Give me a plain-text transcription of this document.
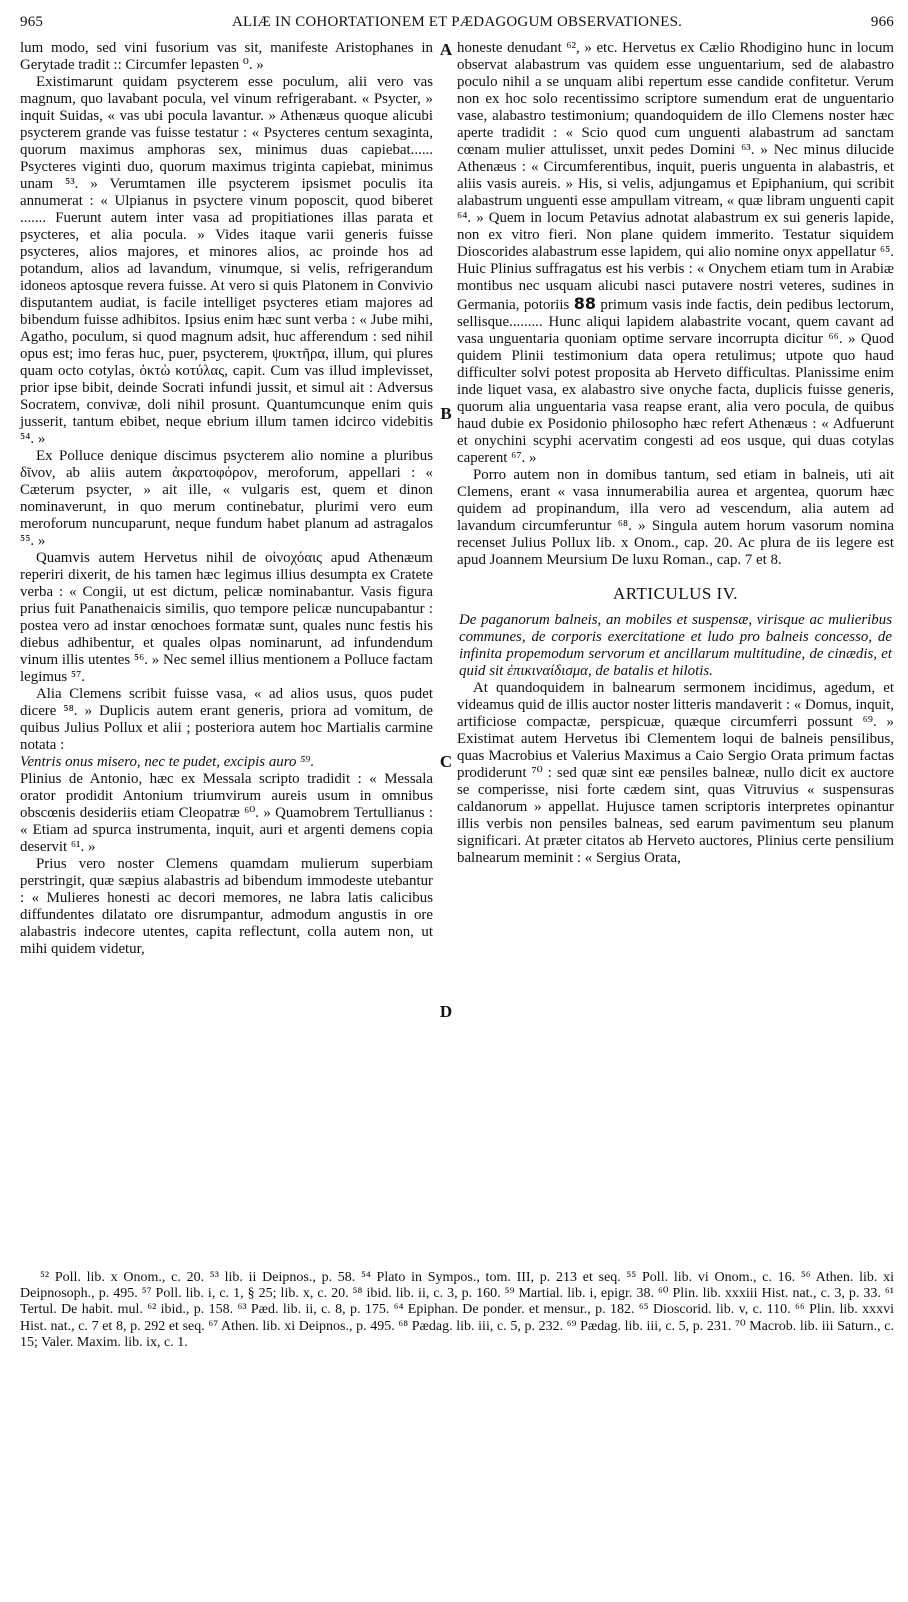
965	ALIÆ IN COHORTATIONEM ET PÆDAGOGUM OBSERVATIONES.	966

lum modo, sed vini fusorium vas sit, manifeste Aristophanes in Gerytade tradit :: Circumfer lepasten ⁰. »

Existimarunt quidam psycterem esse poculum, alii vero vas magnum, quo lavabant pocula, vel vinum refrigerabant. « Psycter, » inquit Suidas, « vas ubi pocula lavantur. » Athenæus quoque alicubi psycterem grande vas fuisse testatur : « Psycteres centum sexaginta, quorum maximus amphoras sex, minimus duas capiebat...... Psycteres viginti duo, quorum maximus triginta capiebat, minimus unam ⁵³. » Verumtamen ille psycterem ipsismet poculis ita annumerat : « Ulpianus in psyctere vinum poposcit, quod biberet ....... Fuerunt autem inter vasa ad propitiationes illas parata et psycteres, et alia pocula. » Vides itaque varii generis fuisse psycteres, alios majores, et minores alios, ac proinde hos ad potandum, alios ad lavandum, vinumque, si velis, refrigerandum idoneos aptosque revera fuisse. At vero si quis Platonem in Convivio disputantem audiat, is facile intelliget psycteres etiam majores ad bibendum fuisse adhibitos. Ipsius enim hæc sunt verba : « Jube mihi, Agatho, poculum, si quod magnum adsit, huc afferendum : sed nihil opus est; imo feras huc, puer, psycterem, ψυκτῆρα, illum, qui plures quam octo cotylas, ὀκτὼ κοτύλας, capit. Cum vas illud implevisset, prior ipse bibit, deinde Socrati infundi jussit, et simul ait : Adversus Socratem, convivæ, doli nihil prosunt. Quantumcunque enim quis jusserit, tantum ebibet, neque ebrium illum tamen idcirco videbitis ⁵⁴. »

Ex Polluce denique discimus psycterem alio nomine a pluribus δῖνον, ab aliis autem ἀκρατοφόρον, meroforum, appellari : « Cæterum psycter, » ait ille, « vulgaris est, quem et dinon nominaverunt, in quo merum continebatur, plurimi vero eum meroforum nuncuparunt, neque fundum habet planum ad astragalos ⁵⁵. »

Quamvis autem Hervetus nihil de οἰνοχόαις apud Athenæum reperiri dixerit, de his tamen hæc legimus illius desumpta ex Cratete verba : « Congii, ut est dictum, pelicæ nominabantur. Vasis figura prius fuit Panathenaicis similis, quo tempore pelicæ nuncupabantur : postea vero ad instar œnochoes formatæ sunt, quales nunc festis his diebus adhibentur, et quales olpas nominarunt, ad infundendum vinum illis utentes ⁵⁶. » Nec semel illius mentionem a Polluce factam legimus ⁵⁷.

Alia Clemens scribit fuisse vasa, « ad alios usus, quos pudet dicere ⁵⁸. » Duplicis autem erant generis, priora ad vomitum, de quibus Julius Pollux et alii ; posteriora autem hoc Martialis carmine notata :

Ventris onus misero, nec te pudet, excipis auro ⁵⁹.

Plinius de Antonio, hæc ex Messala scripto tradidit : « Messala orator prodidit Antonium triumvirum aureis usum in omnibus obscœnis desideriis etiam Cleopatræ ⁶⁰. » Quamobrem Tertullianus : « Etiam ad spurca instrumenta, inquit, auri et argenti demens copia deservit ⁶¹. »

Prius vero noster Clemens quamdam mulierum superbiam perstringit, quæ sæpius alabastris ad bibendum immodeste utebantur : « Mulieres honesti ac decori memores, ne labra latis calicibus diffundentes dilatato ore disrumpantur, admodum angustis in ore alabastris indecore utentes, capita reflectunt, colla autem non, ut mihi quidem videtur,

A
B
C
D

honeste denudant ⁶², » etc. Hervetus ex Cælio Rhodigino hunc in locum observat alabastrum vas quidem esse unguentarium, sed de alabastro poculo nihil a se unquam alibi repertum esse candide confitetur. Verum non ex hoc solo recentissimo scriptore sumendum erat de unguentario vase, alabastro testimonium; quandoquidem de illo Clemens noster hæc aperte tradidit : « Scio quod cum unguenti alabastrum ad sanctam cœnam mulier attulisset, unxit pedes Domini ⁶³. » Nec minus dilucide Athenæus : « Circumferentibus, inquit, pueris unguenta in alabastris, et aliis vasis aureis. » His, si velis, adjungamus et Epiphanium, qui scribit alabastrum unguenti esse ampullam vitream, « quæ libram unguenti capit ⁶⁴. » Quem in locum Petavius adnotat alabastrum ex sui generis lapide, non ex vitro fieri. Non plane quidem immerito. Testatur siquidem Dioscorides alabastrum esse lapidem, qui alio nomine onyx appellatur ⁶⁵. Huic Plinius suffragatus est his verbis : « Onychem etiam tum in Arabiæ montibus nec usquam alicubi nasci putavere nostri veteres, sudines in Germania, potoriis 88 primum vasis inde factis, dein pedibus lectorum, sellisque......... Hunc aliqui lapidem alabastrite vocant, quem cavant ad vasa unguentaria quoniam optime servare incorrupta dicitur ⁶⁶. » Quod quidem Plinii testimonium data opera retulimus; utpote quo haud difficulter solvi potest proposita ab Herveto difficultas. Planissime enim inde liquet vasa, ex alabastro sive onyche facta, duplicis fuisse generis, quorum alia unguentaria vasa reapse erant, alia vero pocula, de quibus haud dubie ex Posidonio philosopho hæc refert Athenæus : « Adfuerunt et onychini scyphi acervatim congesti ad eos usque, qui duas cotylas caperent ⁶⁷. »

Porro autem non in domibus tantum, sed etiam in balneis, uti ait Clemens, erant « vasa innumerabilia aurea et argentea, quorum hæc quidem ad propinandum, illa vero ad vescendum, alia autem ad lavandum circumferuntur ⁶⁸. » Singula autem horum vasorum nomina recenset Julius Pollux lib. x Onom., cap. 20. Ac plura de iis legere est apud Joannem Meursium De luxu Roman., cap. 7 et 8.

ARTICULUS IV.

De paganorum balneis, an mobiles et suspensæ, virisque ac mulieribus communes, de corporis exercitatione et ludo pro balneis concesso, de infinita propemodum servorum et ancillarum multitudine, de cinædis, et quid sit ἐπικιναίδισμα, de batalis et hilotis.

At quandoquidem in balnearum sermonem incidimus, agedum, et videamus quid de illis auctor noster litteris mandaverit : « Domus, inquit, artificiose compactæ, perspicuæ, quæque circumferri possunt ⁶⁹. » Existimat autem Hervetus ibi Clementem loqui de balneis pensilibus, quas Macrobius et Valerius Maximus a Caio Sergio Orata primum factas prodiderunt ⁷⁰ : sed quæ sint eæ pensiles balneæ, nullo dicit ex auctore se comperisse, nisi forte cædem sint, quas Vitruvius « suspensuras caldanorum » appellat. Hujusce tamen scriptoris interpretes opinantur illis verbis non pensiles balneas, sed earum pavimentum seu planum significari. At præter citatos ab Herveto auctores, Plinius certe pensilium balnearum meminit : « Sergius Orata,

⁵² Poll. lib. x Onom., c. 20. ⁵³ lib. ii Deipnos., p. 58. ⁵⁴ Plato in Sympos., tom. III, p. 213 et seq. ⁵⁵ Poll. lib. vi Onom., c. 16. ⁵⁶ Athen. lib. xi Deipnosoph., p. 495. ⁵⁷ Poll. lib. i, c. 1, § 25; lib. x, c. 20. ⁵⁸ ibid. lib. ii, c. 3, p. 160. ⁵⁹ Martial. lib. i, epigr. 38. ⁶⁰ Plin. lib. xxxiii Hist. nat., c. 3, p. 33. ⁶¹ Tertul. De habit. mul. ⁶² ibid., p. 158. ⁶³ Pæd. lib. ii, c. 8, p. 175. ⁶⁴ Epiphan. De ponder. et mensur., p. 182. ⁶⁵ Dioscorid. lib. v, c. 110. ⁶⁶ Plin. lib. xxxvi Hist. nat., c. 7 et 8, p. 292 et seq. ⁶⁷ Athen. lib. xi Deipnos., p. 495. ⁶⁸ Pædag. lib. iii, c. 5, p. 232. ⁶⁹ Pædag. lib. iii, c. 5, p. 231. ⁷⁰ Macrob. lib. iii Saturn., c. 15; Valer. Maxim. lib. ix, c. 1.
